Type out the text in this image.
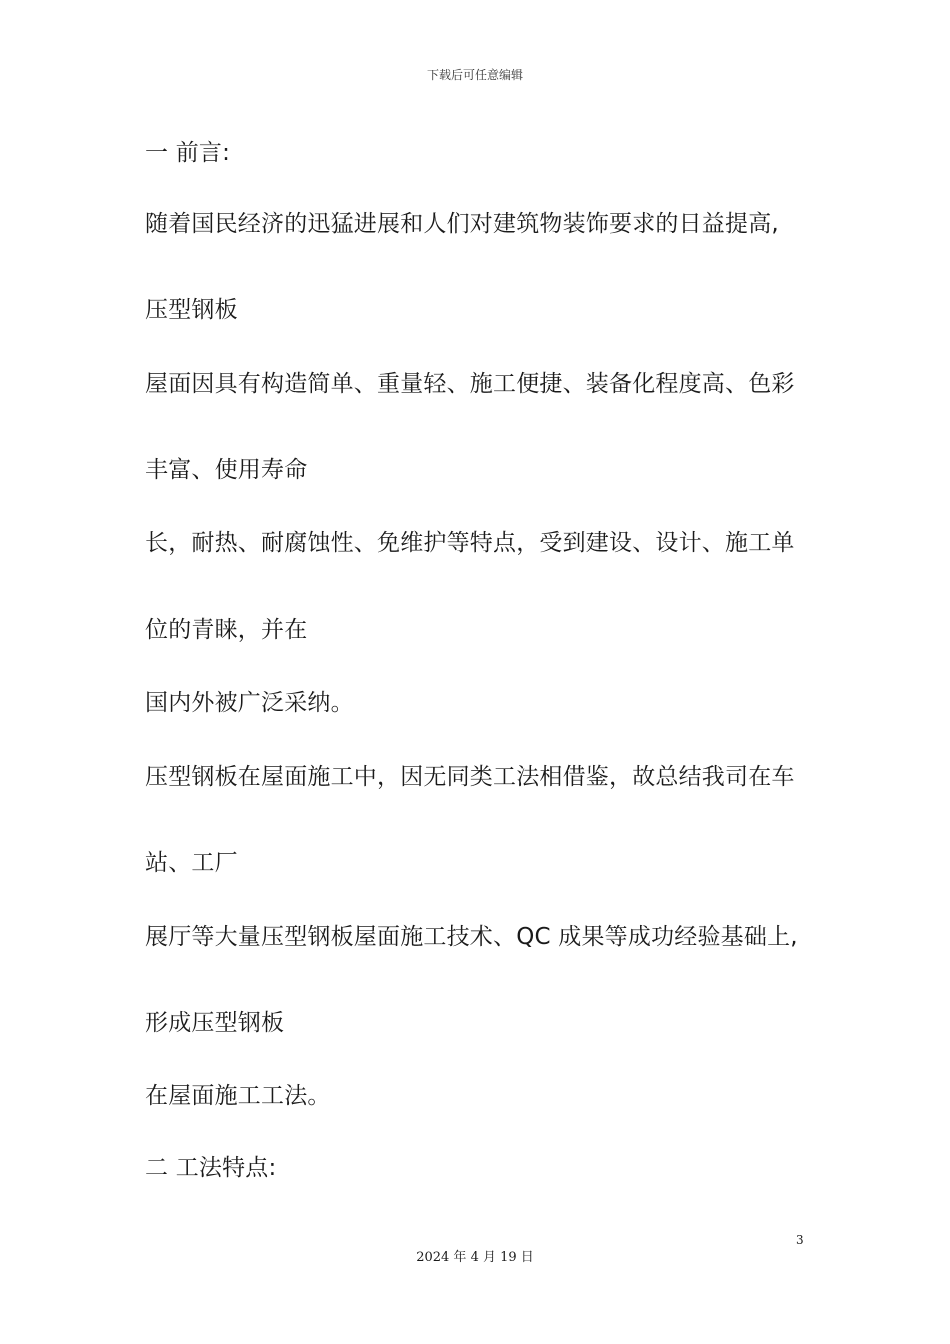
下载后可任意编辑
一 前言:
随着国民经济的迅猛进展和人们对建筑物装饰要求的日益提高,
压型钢板
屋面因具有构造简单、重量轻、施工便捷、装备化程度高、色彩
丰富、使用寿命
长，耐热、耐腐蚀性、免维护等特点，受到建设、设计、施工单
位的青睐，并在
国内外被广泛采纳。
压型钢板在屋面施工中，因无同类工法相借鉴，故总结我司在车
站、工厂
展厅等大量压型钢板屋面施工技术、QC 成果等成功经验基础上,
形成压型钢板
在屋面施工工法。
二 工法特点:
3
2024 年 4 月 19 日
